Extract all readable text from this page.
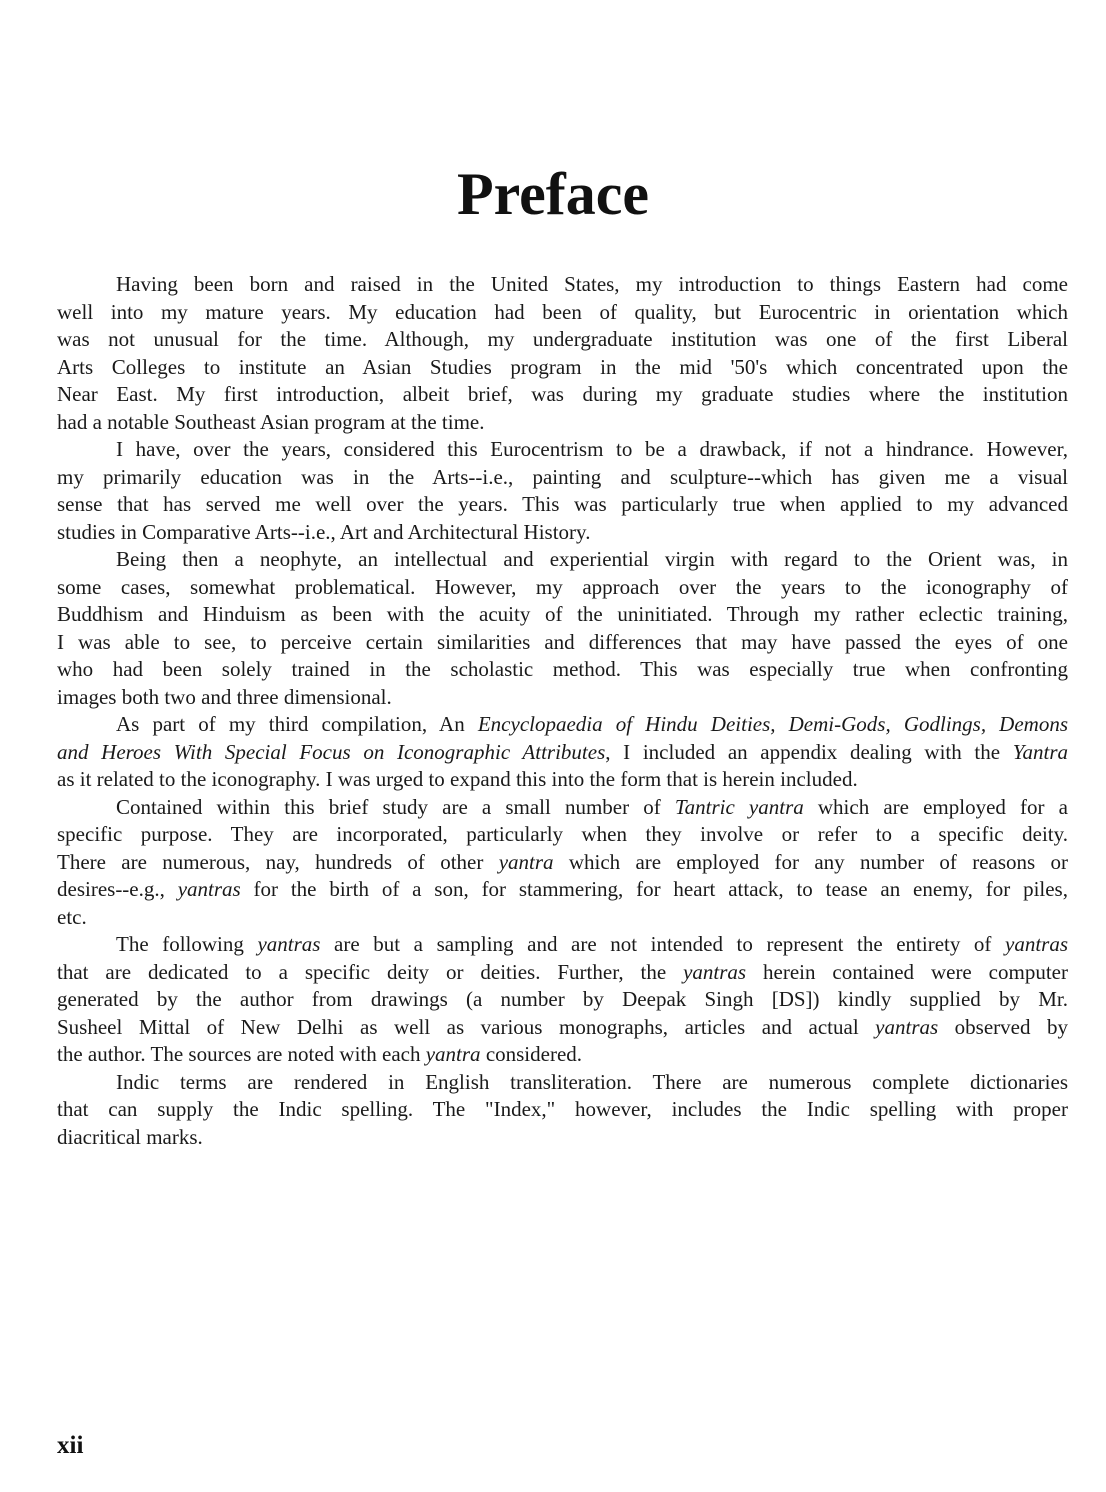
Preface
Having been born and raised in the United States, my introduction to things Eastern had come
well into my mature years. My education had been of quality, but Eurocentric in orientation which
was not unusual for the time. Although, my undergraduate institution was one of the first Liberal
Arts Colleges to institute an Asian Studies program in the mid '50's which concentrated upon the
Near East. My first introduction, albeit brief, was during my graduate studies where the institution
had a notable Southeast Asian program at the time.
I have, over the years, considered this Eurocentrism to be a drawback, if not a hindrance. However,
my primarily education was in the Arts--i.e., painting and sculpture--which has given me a visual
sense that has served me well over the years. This was particularly true when applied to my advanced
studies in Comparative Arts--i.e., Art and Architectural History.
Being then a neophyte, an intellectual and experiential virgin with regard to the Orient was, in
some cases, somewhat problematical. However, my approach over the years to the iconography of
Buddhism and Hinduism as been with the acuity of the uninitiated. Through my rather eclectic training,
I was able to see, to perceive certain similarities and differences that may have passed the eyes of one
who had been solely trained in the scholastic method. This was especially true when confronting
images both two and three dimensional.
As part of my third compilation, An Encyclopaedia of Hindu Deities, Demi-Gods, Godlings, Demons
and Heroes With Special Focus on Iconographic Attributes, I included an appendix dealing with the Yantra
as it related to the iconography. I was urged to expand this into the form that is herein included.
Contained within this brief study are a small number of Tantric yantra which are employed for a
specific purpose. They are incorporated, particularly when they involve or refer to a specific deity.
There are numerous, nay, hundreds of other yantra which are employed for any number of reasons or
desires--e.g., yantras for the birth of a son, for stammering, for heart attack, to tease an enemy, for piles,
etc.
The following yantras are but a sampling and are not intended to represent the entirety of yantras
that are dedicated to a specific deity or deities. Further, the yantras herein contained were computer
generated by the author from drawings (a number by Deepak Singh [DS]) kindly supplied by Mr.
Susheel Mittal of New Delhi as well as various monographs, articles and actual yantras observed by
the author. The sources are noted with each yantra considered.
Indic terms are rendered in English transliteration. There are numerous complete dictionaries
that can supply the Indic spelling. The "Index," however, includes the Indic spelling with proper
diacritical marks.
xii
